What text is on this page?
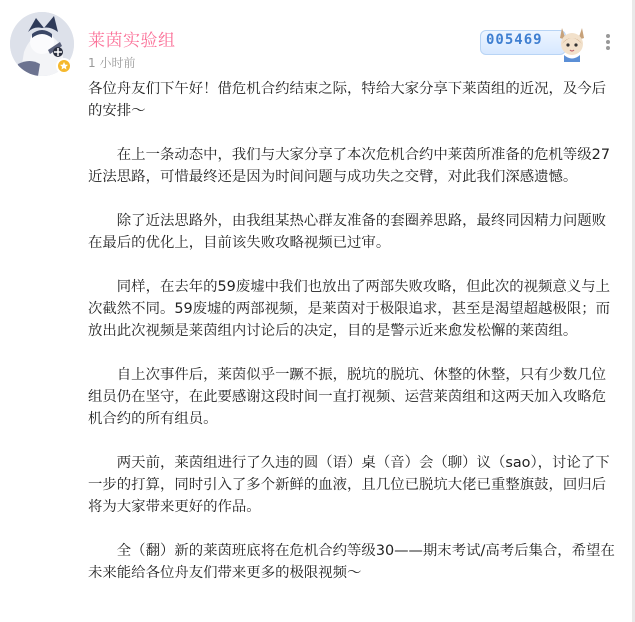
莱茵实验组
1 小时前
005469

各位舟友们下午好！借危机合约结束之际，特给大家分享下莱茵组的近况，及今后的安排～

　　在上一条动态中，我们与大家分享了本次危机合约中莱茵所准备的危机等级27近法思路，可惜最终还是因为时间问题与成功失之交臂，对此我们深感遗憾。

　　除了近法思路外，由我组某热心群友准备的套圈养思路，最终同因精力问题败在最后的优化上，目前该失败攻略视频已过审。

　　同样，在去年的59废墟中我们也放出了两部失败攻略，但此次的视频意义与上次截然不同。59废墟的两部视频，是莱茵对于极限追求，甚至是渴望超越极限；而放出此次视频是莱茵组内讨论后的决定，目的是警示近来愈发松懈的莱茵组。

　　自上次事件后，莱茵似乎一蹶不振，脱坑的脱坑、休整的休整，只有少数几位组员仍在坚守，在此要感谢这段时间一直打视频、运营莱茵组和这两天加入攻略危机合约的所有组员。

　　两天前，莱茵组进行了久违的圆（语）桌（音）会（聊）议（sao），讨论了下一步的打算，同时引入了多个新鲜的血液，且几位已脱坑大佬已重整旗鼓，回归后将为大家带来更好的作品。

　　全（翻）新的莱茵班底将在危机合约等级30——期末考试/高考后集合，希望在未来能给各位舟友们带来更多的极限视频～
